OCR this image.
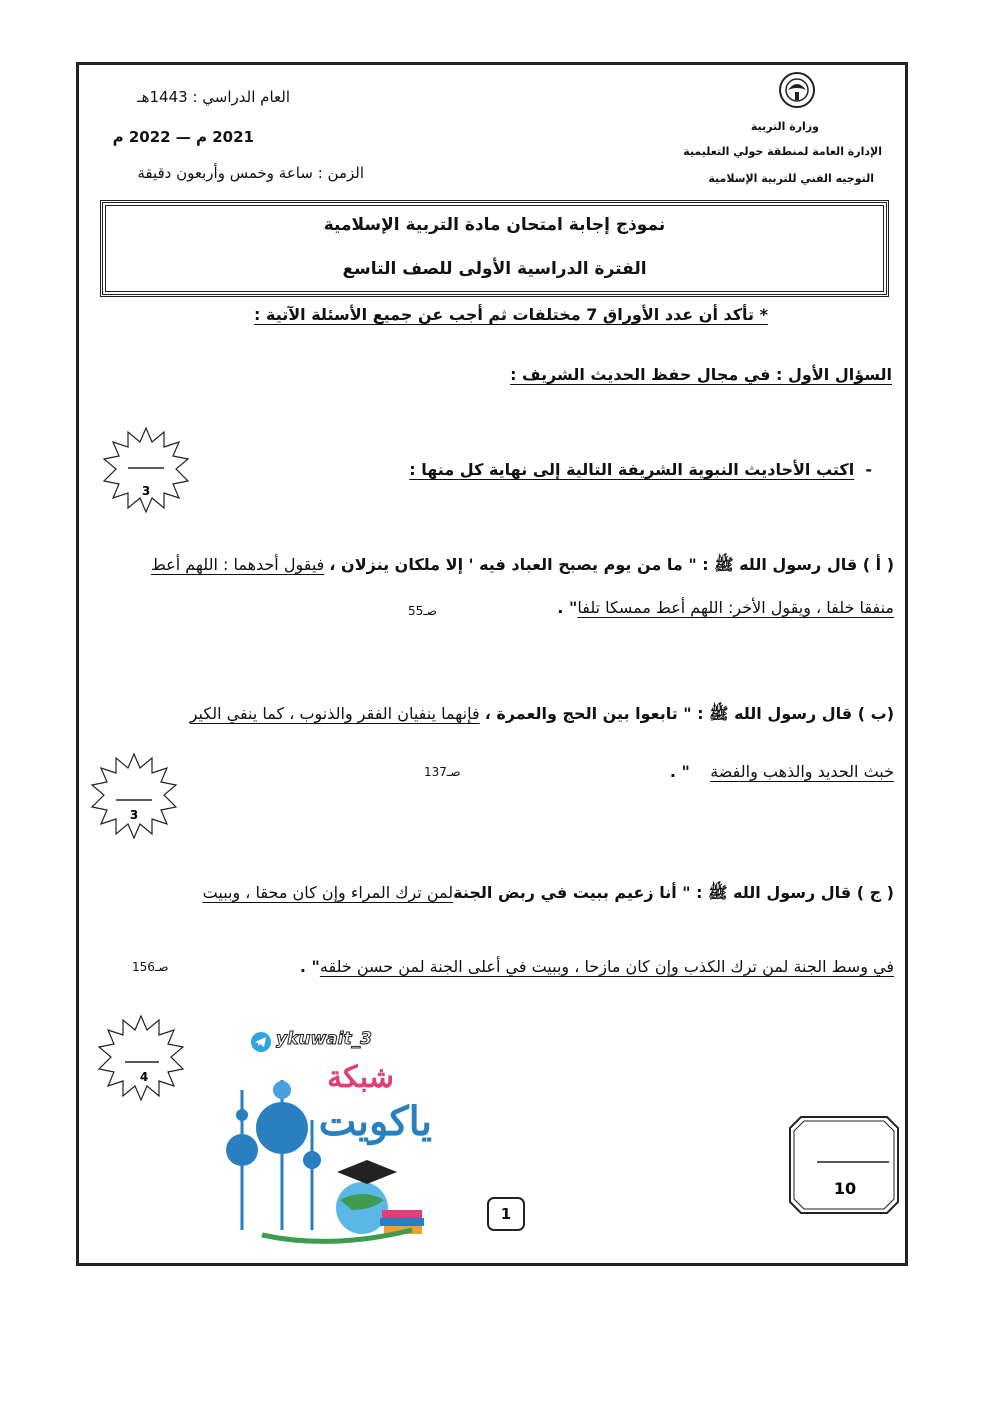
وزارة التربية
الإدارة العامة لمنطقة حولي التعليمية
التوجيه الفني للتربية الإسلامية
العام الدراسي : 1443هـ
2021 م — 2022 م
الزمن : ساعة وخمس وأربعون دقيقة
نموذج إجابة امتحان مادة التربية الإسلامية
الفترة الدراسية الأولى للصف التاسع
* تأكد أن عدد الأوراق 7 مختلفات ثم أجب عن جميع الأسئلة الآتية :
السؤال الأول : في مجال حفظ الحديث الشريف :
-  اكتب الأحاديث النبوية الشريفة التالية إلى نهاية كل منها :
3
( أ ) قال رسول الله ﷺ : " ما من يوم يصبح العباد فيه ' إلا ملكان ينزلان ، فيقول أحدهما : اللهم أعط
منفقا خلفا ، ويقول الأخر: اللهم أعط ممسكا تلفا" .
صـ55
(ب ) قال رسول الله ﷺ : " تابعوا بين الحج والعمرة ، فإنهما ينفيان الفقر والذنوب ، كما ينفي الكير
خبث الحديد والذهب والفضة    " .
صـ137
3
( ج ) قال رسول الله ﷺ : " أنا زعيم ببيت في ربض الجنةلمن ترك المراء وإن كان محقا ، وببيت
في وسط الجنة لمن ترك الكذب وإن كان مازحا ، وببيت في أعلى الجنة لمن حسن خلقه" .
صـ156
4
ykuwait_3
شبكة
ياكويت
1
10
